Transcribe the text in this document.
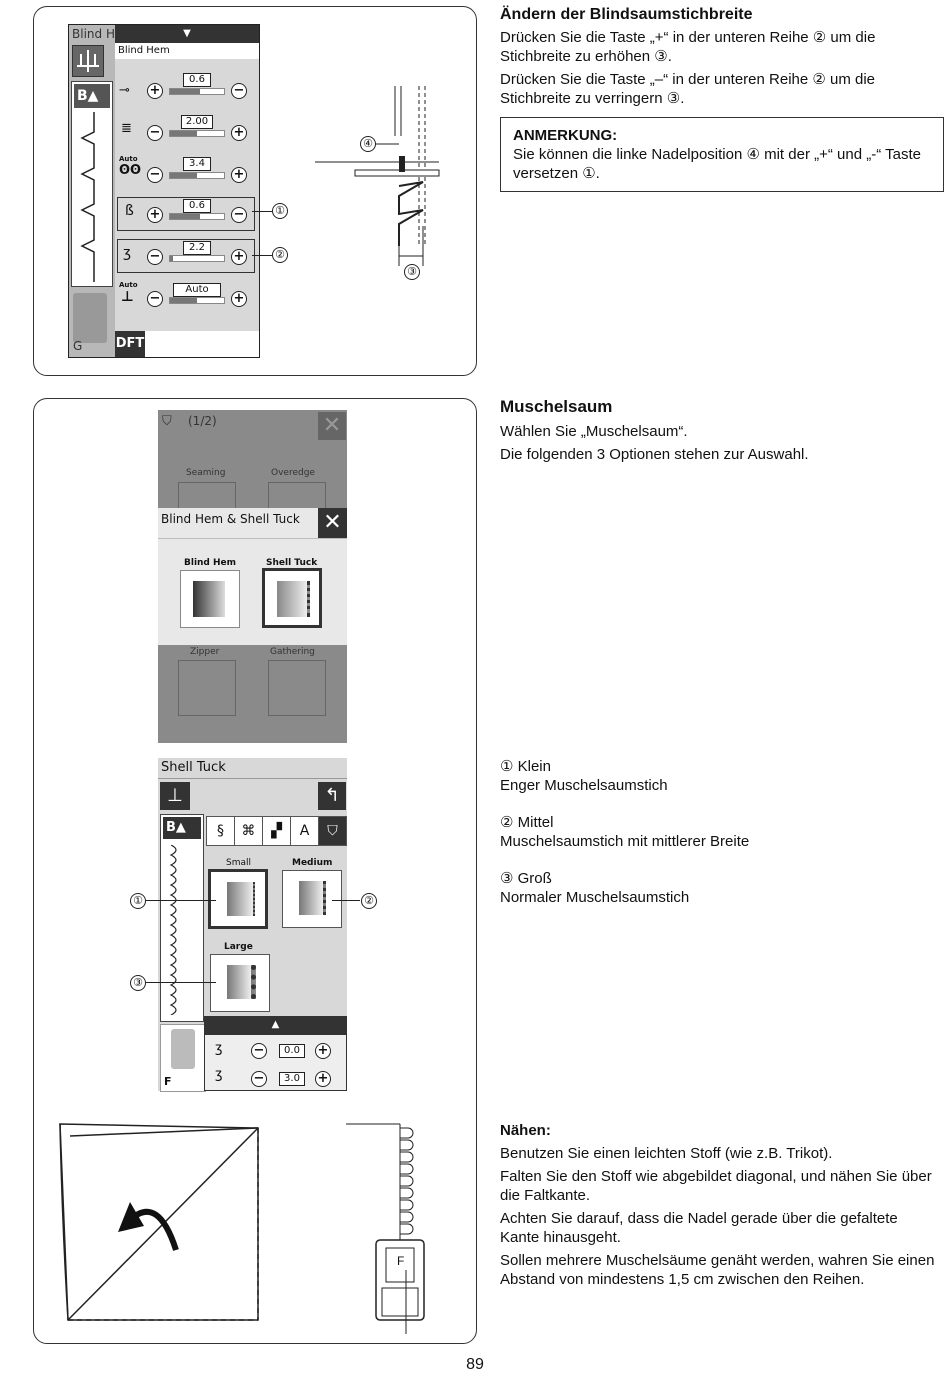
Blind H
B▲
G
▼
Blind Hem
⊸ +
0.6
−
≣ −
2.00
+
Auto
ʘʘ −
3.4
+
ß +
0.6
−
ʒ −
2.2
+
Auto
⊥ −
Auto
+
DFT
①
②
④
③

Ändern der Blindsaumstichbreite

Drücken Sie die Taste „+“ in der unteren Reihe ② um die Stichbreite zu erhöhen ③.

Drücken Sie die Taste „–“ in der unteren Reihe ② um die Stichbreite zu verringern ③.

ANMERKUNG:
Sie können die linke Nadelposition ④ mit der „+“ und „-“ Taste versetzen ①.
⛉ (1/2)	✕
Seaming	Overedge
Blind Hem & Shell Tuck ✕
Blind Hem	Shell Tuck
Zipper	Gathering
Shell Tuck
⊥	↰
B▲	§	⌘	▞	A	⛉
Small	Medium
Large
F
▲
ʒ −	0.0	+
ʒ −	3.0	+
①	②
③
F

Muschelsaum

Wählen Sie „Muschelsaum“.

Die folgenden 3 Optionen stehen zur Auswahl.

① Klein
Enger Muschelsaumstich
② Mittel
Muschelsaumstich mit mittlerer Breite
③ Groß
Normaler Muschelsaumstich

Nähen:

Benutzen Sie einen leichten Stoff (wie z.B. Trikot).

Falten Sie den Stoff wie abgebildet diagonal, und nähen Sie über die Faltkante.

Achten Sie darauf, dass die Nadel gerade über die gefaltete Kante hinausgeht.

Sollen mehrere Muschelsäume genäht werden, wahren Sie einen Abstand von mindestens 1,5 cm zwischen den Reihen.

89
